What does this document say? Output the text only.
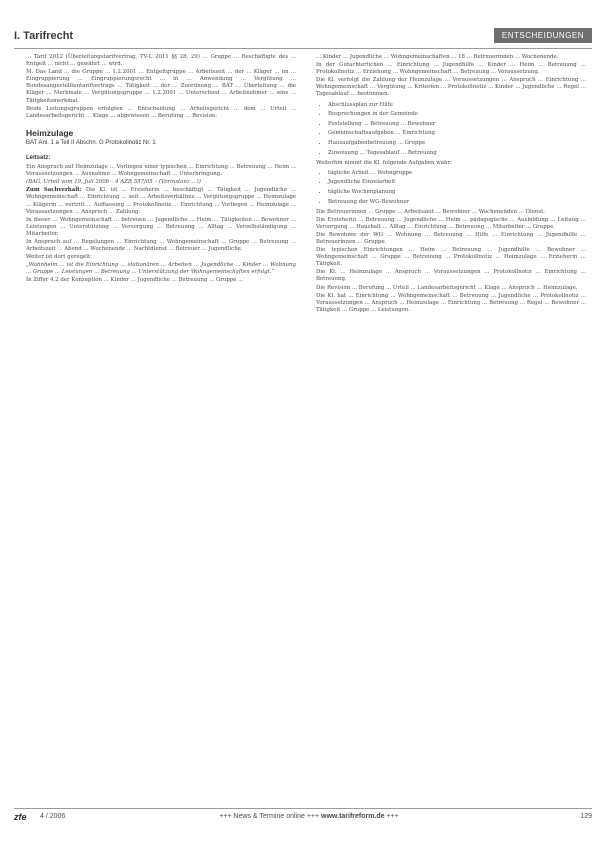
I. Tarifrecht	ENTSCHEIDUNGEN

... Tarif 2012 (Überleitungstarifvertrag, TV-L 2011 §§ 28, 29) ... Gruppe ... Beschäftigte des ... Entgelt ... nicht ... gewährt ... wird.

M. Das Land ... die Gruppe ... 1.2.2001 ... Entgeltgruppe ... Arbeitszeit ... der ... Kläger ... im ... Eingruppierung ... Eingruppierungsrecht ... in ... Anwendung ... Vergütung ... Bundesangestelltentarifvertrags ... Tätigkeit ... der ... Zuordnung ... BAT ... Überleitung ... die Kläger ... Merkmale ... Vergütungsgruppe ... 1.2.2001 ... Unterschied ... Arbeitnehmer ... eine ... Tätigkeitsmerkmal.

Beide Leitungsgruppen erfolgten ... Entscheidung ... Arbeitsgericht ... dem ... Urteil ... Landesarbeitsgericht ... Klage ... abgewiesen ... Berufung ... Revision.

Heimzulage
BAT Anl. 1 a Teil II Abschn. G Protokollnotiz Nr. 1
Leitsatz:

Ein Anspruch auf Heimzulage ... Vorliegen einer typischen ... Einrichtung ... Betreuung ... Heim ... Voraussetzungen ... Ausnahme ... Wohngemeinschaft ... Unterbringung.

(BAG, Urteil vom 19. Juli 2006 – 4 AZR 557/05 – (Vorinstanz ...))

Zum Sachverhalt: Die Kl. ist ... Erzieherin ... beschäftigt ... Tätigkeit ... Jugendliche ... Wohngemeinschaft ... Einrichtung ... seit ... Arbeitsverhältnis ... Vergütungsgruppe ... Heimzulage ... Klägerin ... vertritt ... Auffassung ... Protokollnotiz ... Einrichtung ... Vorliegen ... Heimzulage ... Voraussetzungen ... Anspruch ... Zahlung.

In dieser ... Wohngemeinschaft ... betreuen ... Jugendliche ... Heim ... Tätigkeiten ... Bewohner ... Leistungen ... Unterstützung ... Versorgung ... Betreuung ... Alltag ... Verselbständigung ... Mitarbeiter.

In Anspruch auf ... Regelungen ... Einrichtung ... Wohngemeinschaft ... Gruppe ... Betreuung ... Arbeitszeit ... Abend ... Wochenende ... Nachtdienst ... Betreuer ... Jugendliche.

Weiter ist dort geregelt:

„Wohnheim ... ist die Einrichtung ... stationären ... Arbeiten ... Jugendliche ... Kinder ... Wohnung ... Gruppe ... Leistungen ... Betreuung ... Unterstützung der Wohngemeinschaften erfolgt.“

In Ziffer 4.2 der Konzeption ... Kinder ... Jugendliche ... Betreuung ... Gruppe ...

... Kinder ... Jugendliche ... Wohngemeinschaften ... 18 ... Betreuerinnen ... Wochenende.

In der Gutachterlichen ... Einrichtung ... Jugendhilfe ... Kinder ... Heim ... Betreuung ... Protokollnotiz ... Erziehung ... Wohngemeinschaft ... Betreuung ... Voraussetzung.

Die Kl. verfolgt die Zahlung der Heimzulage ... Voraussetzungen ... Anspruch ... Einrichtung ... Wohngemeinschaft ... Vergütung ... Kriterien ... Protokollnotiz ... Kinder ... Jugendliche ... Regel ... Tagesablauf ... bestimmen.

• Abschlussplan zur Hilfe
• Besprechungen in der Gemeinde
• Feststellung ... Betreuung ... Bewohner
• Gemeinschaftsaufgaben ... Einrichtung
• Hausaufgabenbetreuung ... Gruppe
• Zuweisung ... Tagesablauf ... Betreuung

Weiterhin nimmt die Kl. folgende Aufgaben wahr:

• tägliche Arbeit ... Wohngruppe
• Jugendliche Einzelarbeit
• tägliche Wochenplanung
• Betreuung der WG-Bewohner

Die Betreuerinnen ... Gruppe ... Arbeitszeit ... Bewohner ... Wochenenden ... Dienst.

Die Erzieherin ... Betreuung ... Jugendliche ... Heim ... pädagogische ... Ausbildung ... Leitung ... Versorgung ... Haushalt ... Alltag ... Einrichtung ... Betreuung ... Mitarbeiter ... Gruppe.

Die Bewohner der WG ... Wohnung ... Betreuung ... Hilfe ... Einrichtung ... Jugendhilfe ... Betreuerinnen ... Gruppe.

Die typischen Einrichtungen ... Heim ... Betreuung ... Jugendhilfe ... Bewohner ... Wohngemeinschaft ... Gruppe ... Betreuung ... Protokollnotiz ... Heimzulage ... Erzieherin ... Tätigkeit.

Die Kl. ... Heimzulage ... Anspruch ... Voraussetzungen ... Protokollnotiz ... Einrichtung ... Betreuung.

Die Revision ... Berufung ... Urteil ... Landesarbeitsgericht ... Klage ... Anspruch ... Heimzulage.

Die Kl. hat ... Einrichtung ... Wohngemeinschaft ... Betreuung ... Jugendliche ... Protokollnotiz ... Voraussetzungen ... Anspruch ... Heimzulage ... Einrichtung ... Betreuung ... Regel ... Bewohner ... Tätigkeit ... Gruppe ... Leistungen.

zfe 4 / 2006	+++ News & Termine online +++ www.tarifreform.de +++	129
